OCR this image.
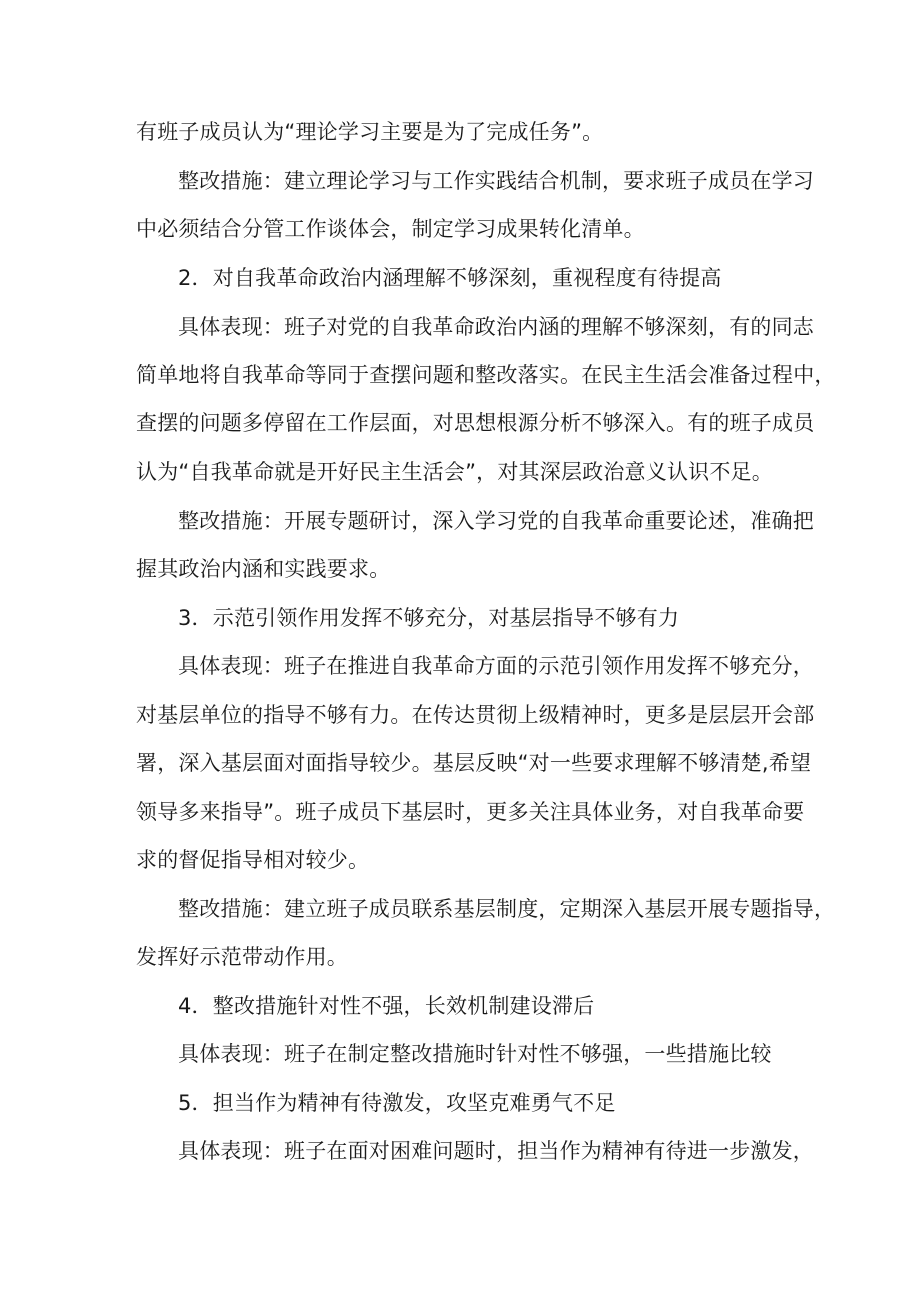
有班子成员认为“理论学习主要是为了完成任务”。
整改措施：建立理论学习与工作实践结合机制，要求班子成员在学习
中必须结合分管工作谈体会，制定学习成果转化清单。
2．对自我革命政治内涵理解不够深刻，重视程度有待提高
具体表现：班子对党的自我革命政治内涵的理解不够深刻，有的同志
简单地将自我革命等同于查摆问题和整改落实。在民主生活会准备过程中，
查摆的问题多停留在工作层面，对思想根源分析不够深入。有的班子成员
认为“自我革命就是开好民主生活会”，对其深层政治意义认识不足。
整改措施：开展专题研讨，深入学习党的自我革命重要论述，准确把
握其政治内涵和实践要求。
3．示范引领作用发挥不够充分，对基层指导不够有力
具体表现：班子在推进自我革命方面的示范引领作用发挥不够充分，
对基层单位的指导不够有力。在传达贯彻上级精神时，更多是层层开会部
署，深入基层面对面指导较少。基层反映“对一些要求理解不够清楚,希望
领导多来指导”。班子成员下基层时，更多关注具体业务，对自我革命要
求的督促指导相对较少。
整改措施：建立班子成员联系基层制度，定期深入基层开展专题指导，
发挥好示范带动作用。
4．整改措施针对性不强，长效机制建设滞后
具体表现：班子在制定整改措施时针对性不够强，一些措施比较
5．担当作为精神有待激发，攻坚克难勇气不足
具体表现：班子在面对困难问题时，担当作为精神有待进一步激发，
